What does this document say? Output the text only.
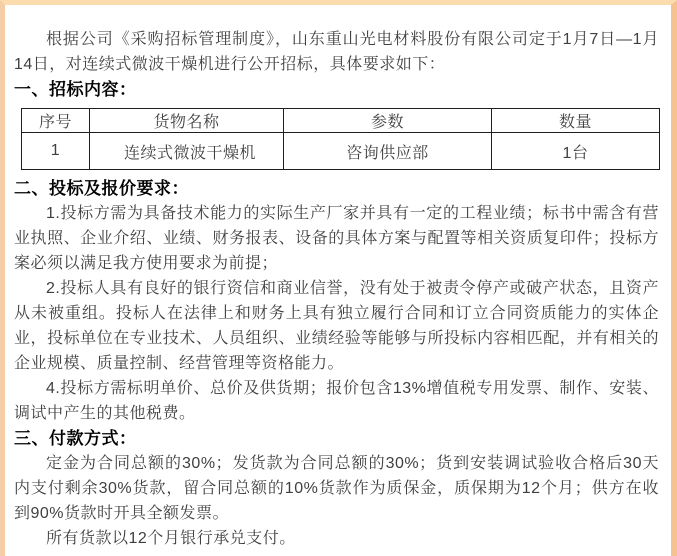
根据公司《采购招标管理制度》，山东重山光电材料股份有限公司定于1月7日—1月14日，对连续式微波干燥机进行公开招标，具体要求如下：

一、招标内容：

序号	货物名称	参数	数量
1	连续式微波干燥机	咨询供应部	1台

二、投标及报价要求：

1.投标方需为具备技术能力的实际生产厂家并具有一定的工程业绩；标书中需含有营业执照、企业介绍、业绩、财务报表、设备的具体方案与配置等相关资质复印件；投标方案必须以满足我方使用要求为前提；

2.投标人具有良好的银行资信和商业信誉，没有处于被责令停产或破产状态，且资产从未被重组。投标人在法律上和财务上具有独立履行合同和订立合同资质能力的实体企业，投标单位在专业技术、人员组织、业绩经验等能够与所投标内容相匹配，并有相关的企业规模、质量控制、经营管理等资格能力。

4.投标方需标明单价、总价及供货期；报价包含13%增值税专用发票、制作、安装、调试中产生的其他税费。

三、付款方式：

定金为合同总额的30%；发货款为合同总额的30%；货到安装调试验收合格后30天内支付剩余30%货款，留合同总额的10%货款作为质保金，质保期为12个月；供方在收到90%货款时开具全额发票。

所有货款以12个月银行承兑支付。
